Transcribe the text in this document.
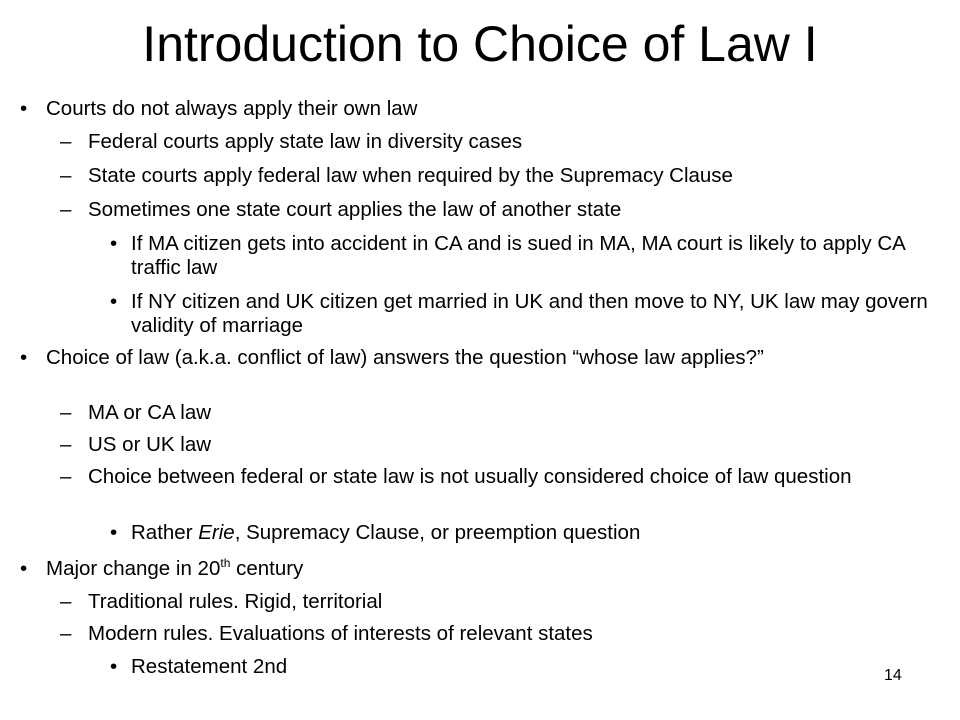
Introduction to Choice of Law I
• Courts do not always apply their own law
– Federal courts apply state law in diversity cases
– State courts apply federal law when required by the Supremacy Clause
– Sometimes one state court applies the law of another state
• If MA citizen gets into accident in CA and is sued in MA, MA court is likely to apply CA traffic law
• If NY citizen and UK citizen get married in UK and then move to NY, UK law may govern validity of marriage
• Choice of law (a.k.a. conflict of law) answers the question “whose law applies?”
– MA or CA law
– US or UK law
– Choice between federal or state law is not usually considered choice of law question
• Rather Erie, Supremacy Clause, or preemption question
• Major change in 20th century
– Traditional rules. Rigid, territorial
– Modern rules. Evaluations of interests of relevant states
• Restatement 2nd	14
